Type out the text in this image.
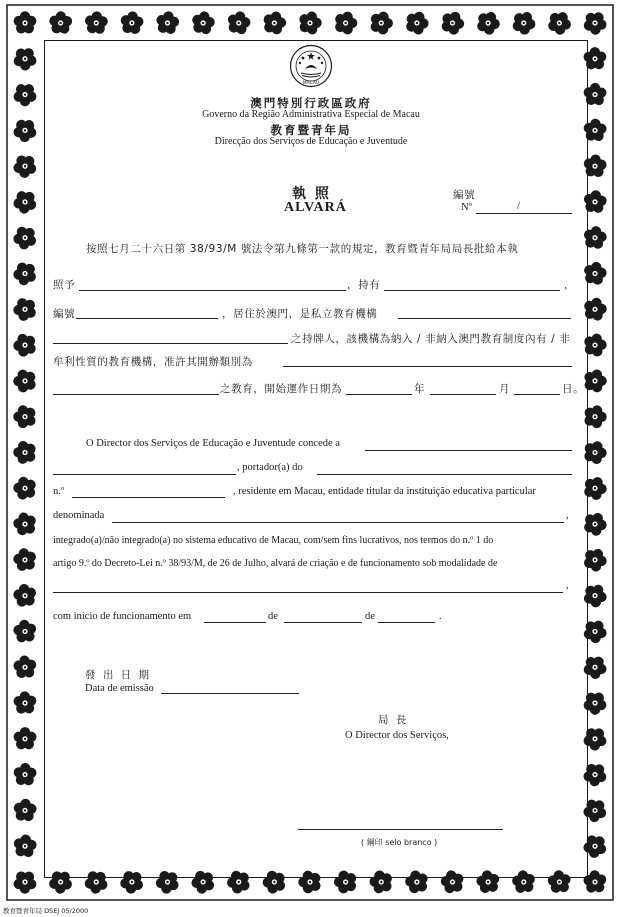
MACAU
澳門特別行政區政府
Governo da Região Administrativa Especial de Macau
教育暨青年局
Direcção dos Serviços de Educação e Juventude
執 照
ALVARÁ
編號
Nº	/
按照七月二十六日第 38/93/M 號法令第九條第一款的規定，教育暨青年局局長批給本執
照予	，持有	，
編號	，居住於澳門，是私立教育機構
之持牌人，該機構為納入 / 非納入澳門教育制度內有 / 非
牟利性質的教育機構，准許其開辦類別為
之教育，開始運作日期為	年	月	日。
O Director dos Serviços de Educação e Juventude concede a
, portador(a) do
n.º	, residente em Macau, entidade titular da instituição educativa particular
denominada	,
integrado(a)/não integrado(a) no sistema educativo de Macau, com/sem fins lucrativos, nos termos do n.º 1 do
artigo 9.º do Decreto-Lei n.º 38/93/M, de 26 de Julho, alvará de criação e de funcionamento sob modalidade de
,
com início de funcionamento em	de	de	.
發 出 日 期
Data de emissão
局 長
O Director dos Serviços,
( 鋼印 selo branco )
教育暨青年局 DSEJ 05/2000
